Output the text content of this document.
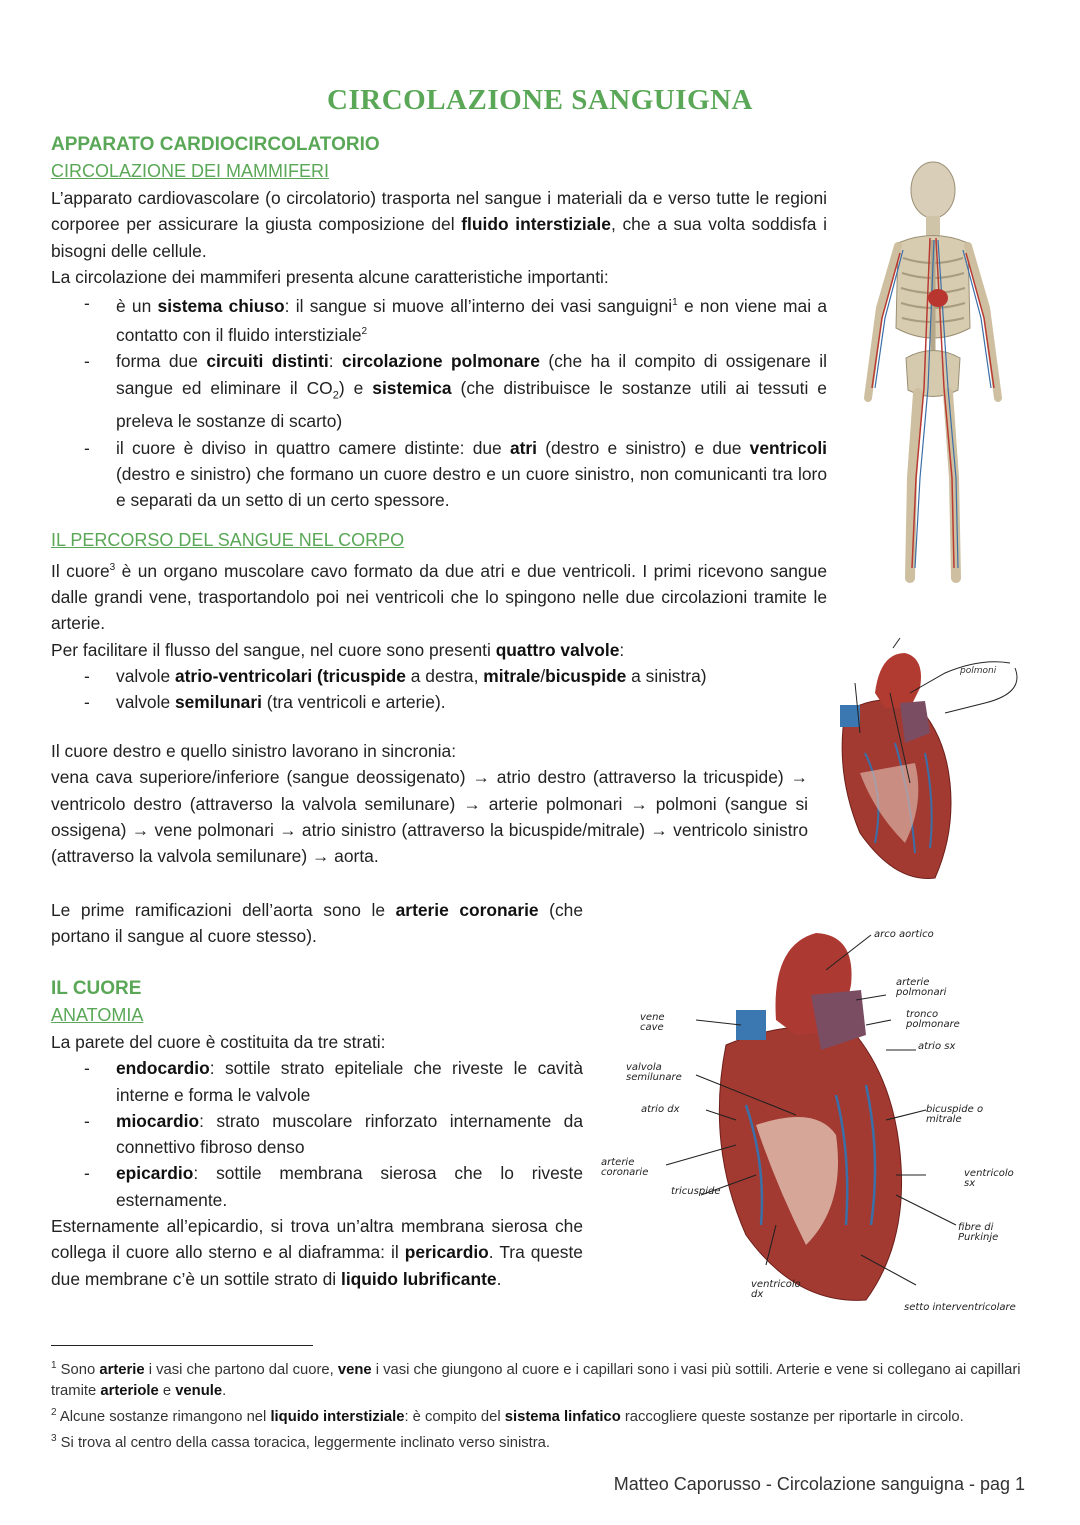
CIRCOLAZIONE SANGUIGNA
APPARATO CARDIOCIRCOLATORIO
CIRCOLAZIONE DEI MAMMIFERI
L’apparato cardiovascolare (o circolatorio) trasporta nel sangue i materiali da e verso tutte le regioni corporee per assicurare la giusta composizione del fluido interstiziale, che a sua volta soddisfa i bisogni delle cellule.
La circolazione dei mammiferi presenta alcune caratteristiche importanti:
- è un sistema chiuso: il sangue si muove all’interno dei vasi sanguigni$^1$ e non viene mai a contatto con il fluido interstiziale$^2$
- forma due circuiti distinti: circolazione polmonare (che ha il compito di ossigenare il sangue ed eliminare il $CO_2$) e sistemica (che distribuisce le sostanze utili ai tessuti e preleva le sostanze di scarto)
- il cuore è diviso in quattro camere distinte: due atri (destro e sinistro) e due ventricoli (destro e sinistro) che formano un cuore destro e un cuore sinistro, non comunicanti tra loro e separati da un setto di un certo spessore.
IL PERCORSO DEL SANGUE NEL CORPO
Il cuore$^3$ è un organo muscolare cavo formato da due atri e due ventricoli. I primi ricevono sangue dalle grandi vene, trasportandolo poi nei ventricoli che lo spingono nelle due circolazioni tramite le arterie.
Per facilitare il flusso del sangue, nel cuore sono presenti quattro valvole:
- valvole atrio-ventricolari (tricuspide a destra, mitrale/bicuspide a sinistra)
- valvole semilunari (tra ventricoli e arterie).
Il cuore destro e quello sinistro lavorano in sincronia:
vena cava superiore/inferiore (sangue deossigenato) → atrio destro (attraverso la tricuspide) → ventricolo destro (attraverso la valvola semilunare) → arterie polmonari → polmoni (sangue si ossigena) → vene polmonari → atrio sinistro (attraverso la bicuspide/mitrale) → ventricolo sinistro (attraverso la valvola semilunare) → aorta.
Le prime ramificazioni dell’aorta sono le arterie coronarie (che portano il sangue al cuore stesso).
polmoni
IL CUORE
ANATOMIA
La parete del cuore è costituita da tre strati:
- endocardio: sottile strato epiteliale che riveste le cavità interne e forma le valvole
- miocardio: strato muscolare rinforzato internamente da connettivo fibroso denso
- epicardio: sottile membrana sierosa che lo riveste esternamente.
Esternamente all’epicardio, si trova un’altra membrana sierosa che collega il cuore allo sterno e al diaframma: il pericardio. Tra queste due membrane c’è un sottile strato di liquido lubrificante.
arco aortico
arterie polmonari
tronco polmonare
atrio sx
bicuspide o mitrale
ventricolo sx
fibre di Purkinje
setto interventricolare
ventricolo dx
tricuspide
arterie coronarie
atrio dx
valvola semilunare
vene cave
$^1$ Sono arterie i vasi che partono dal cuore, vene i vasi che giungono al cuore e i capillari sono i vasi più sottili. Arterie e vene si collegano ai capillari tramite arteriole e venule.
$^2$ Alcune sostanze rimangono nel liquido interstiziale: è compito del sistema linfatico raccogliere queste sostanze per riportarle in circolo.
$^3$ Si trova al centro della cassa toracica, leggermente inclinato verso sinistra.
Matteo Caporusso - Circolazione sanguigna - pag 1
